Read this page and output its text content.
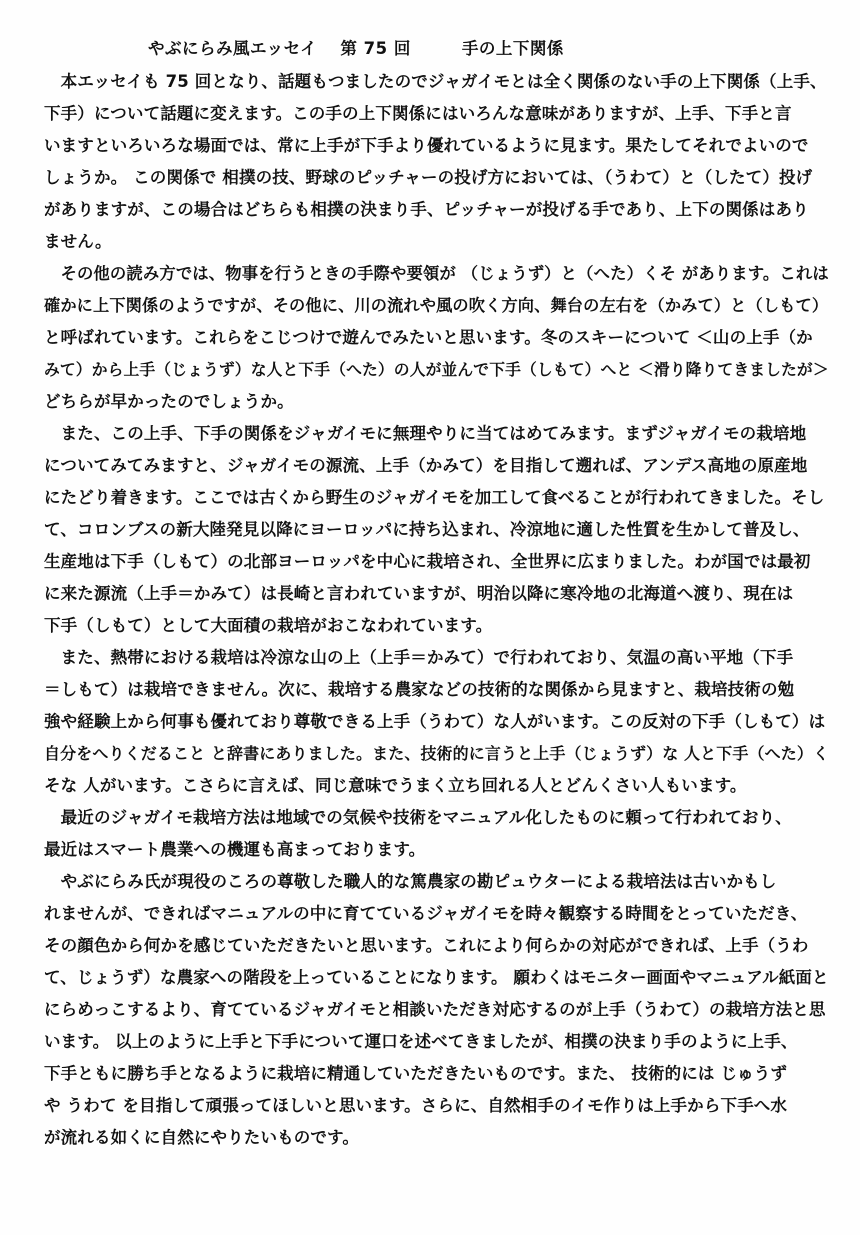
やぶにらみ風エッセイ　 第 75 回　　　手の上下関係
　本エッセイも 75 回となり、話題もつましたのでジャガイモとは全く関係のない手の上下関係（上手、
下手）について話題に変えます。この手の上下関係にはいろんな意味がありますが、上手、下手と言
いますといろいろな場面では、常に上手が下手より優れているように見ます。果たしてそれでよいので
しょうか。 この関係で 相撲の技、野球のピッチャーの投げ方においては、（うわて）と（したて）投げ
がありますが、この場合はどちらも相撲の決まり手、ピッチャーが投げる手であり、上下の関係はあり
ません。
　その他の読み方では、物事を行うときの手際や要領が （じょうず）と（へた）くそ があります。これは
確かに上下関係のようですが、その他に、川の流れや風の吹く方向、舞台の左右を（かみて）と（しもて）
と呼ばれています。これらをこじつけで遊んでみたいと思います。冬のスキーについて ＜山の上手（か
みて）から上手（じょうず）な人と下手（へた）の人が並んで下手（しもて）へと ＜滑り降りてきましたが＞
どちらが早かったのでしょうか。
　また、この上手、下手の関係をジャガイモに無理やりに当てはめてみます。まずジャガイモの栽培地
についてみてみますと、ジャガイモの源流、上手（かみて）を目指して遡れば、アンデス高地の原産地
にたどり着きます。ここでは古くから野生のジャガイモを加工して食べることが行われてきました。そし
て、コロンブスの新大陸発見以降にヨーロッパに持ち込まれ、冷涼地に適した性質を生かして普及し、
生産地は下手（しもて）の北部ヨーロッパを中心に栽培され、全世界に広まりました。わが国では最初
に来た源流（上手＝かみて）は長崎と言われていますが、明治以降に寒冷地の北海道へ渡り、現在は
下手（しもて）として大面積の栽培がおこなわれています。
　また、熱帯における栽培は冷涼な山の上（上手＝かみて）で行われており、気温の高い平地（下手
＝しもて）は栽培できません。次に、栽培する農家などの技術的な関係から見ますと、栽培技術の勉
強や経験上から何事も優れており尊敬できる上手（うわて）な人がいます。この反対の下手（しもて）は
自分をへりくだること と辞書にありました。また、技術的に言うと上手（じょうず）な 人と下手（へた）く
そな 人がいます。こさらに言えば、同じ意味でうまく立ち回れる人とどんくさい人もいます。
　最近のジャガイモ栽培方法は地域での気候や技術をマニュアル化したものに頼って行われており、
最近はスマート農業への機運も高まっております。
　やぶにらみ氏が現役のころの尊敬した職人的な篤農家の勘ピュウターによる栽培法は古いかもし
れませんが、できればマニュアルの中に育てているジャガイモを時々観察する時間をとっていただき、
その顔色から何かを感じていただきたいと思います。これにより何らかの対応ができれば、上手（うわ
て、じょうず）な農家への階段を上っていることになります。 願わくはモニター画面やマニュアル紙面と
にらめっこするより、育てているジャガイモと相談いただき対応するのが上手（うわて）の栽培方法と思
います。 以上のように上手と下手について運口を述べてきましたが、相撲の決まり手のように上手、
下手ともに勝ち手となるように栽培に精通していただきたいものです。また、 技術的には じゅうず
や うわて を目指して頑張ってほしいと思います。さらに、自然相手のイモ作りは上手から下手へ水
が流れる如くに自然にやりたいものです。
